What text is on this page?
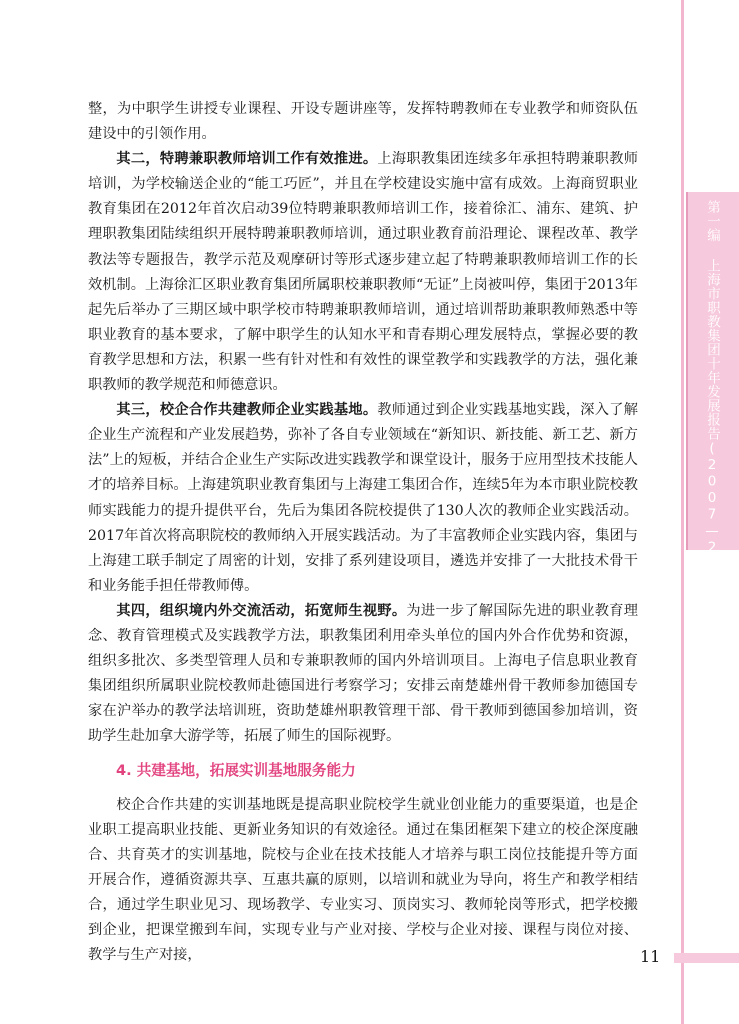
第一编 上海市职教集团十年发展报告(2007—2017)

整，为中职学生讲授专业课程、开设专题讲座等，发挥特聘教师在专业教学和师资队伍建设中的引领作用。

其二，特聘兼职教师培训工作有效推进。上海职教集团连续多年承担特聘兼职教师培训，为学校输送企业的“能工巧匠”，并且在学校建设实施中富有成效。上海商贸职业教育集团在2012年首次启动39位特聘兼职教师培训工作，接着徐汇、浦东、建筑、护理职教集团陆续组织开展特聘兼职教师培训，通过职业教育前沿理论、课程改革、教学教法等专题报告，教学示范及观摩研讨等形式逐步建立起了特聘兼职教师培训工作的长效机制。上海徐汇区职业教育集团所属职校兼职教师“无证”上岗被叫停，集团于2013年起先后举办了三期区域中职学校市特聘兼职教师培训，通过培训帮助兼职教师熟悉中等职业教育的基本要求，了解中职学生的认知水平和青春期心理发展特点，掌握必要的教育教学思想和方法，积累一些有针对性和有效性的课堂教学和实践教学的方法，强化兼职教师的教学规范和师德意识。

其三，校企合作共建教师企业实践基地。教师通过到企业实践基地实践，深入了解企业生产流程和产业发展趋势，弥补了各自专业领域在“新知识、新技能、新工艺、新方法”上的短板，并结合企业生产实际改进实践教学和课堂设计，服务于应用型技术技能人才的培养目标。上海建筑职业教育集团与上海建工集团合作，连续5年为本市职业院校教师实践能力的提升提供平台，先后为集团各院校提供了130人次的教师企业实践活动。2017年首次将高职院校的教师纳入开展实践活动。为了丰富教师企业实践内容，集团与上海建工联手制定了周密的计划，安排了系列建设项目，遴选并安排了一大批技术骨干和业务能手担任带教师傅。

其四，组织境内外交流活动，拓宽师生视野。为进一步了解国际先进的职业教育理念、教育管理模式及实践教学方法，职教集团利用牵头单位的国内外合作优势和资源，组织多批次、多类型管理人员和专兼职教师的国内外培训项目。上海电子信息职业教育集团组织所属职业院校教师赴德国进行考察学习；安排云南楚雄州骨干教师参加德国专家在沪举办的教学法培训班，资助楚雄州职教管理干部、骨干教师到德国参加培训，资助学生赴加拿大游学等，拓展了师生的国际视野。

4. 共建基地，拓展实训基地服务能力

校企合作共建的实训基地既是提高职业院校学生就业创业能力的重要渠道，也是企业职工提高职业技能、更新业务知识的有效途径。通过在集团框架下建立的校企深度融合、共育英才的实训基地，院校与企业在技术技能人才培养与职工岗位技能提升等方面开展合作，遵循资源共享、互惠共赢的原则，以培训和就业为导向，将生产和教学相结合，通过学生职业见习、现场教学、专业实习、顶岗实习、教师轮岗等形式，把学校搬到企业，把课堂搬到车间，实现专业与产业对接、学校与企业对接、课程与岗位对接、教学与生产对接，	11
